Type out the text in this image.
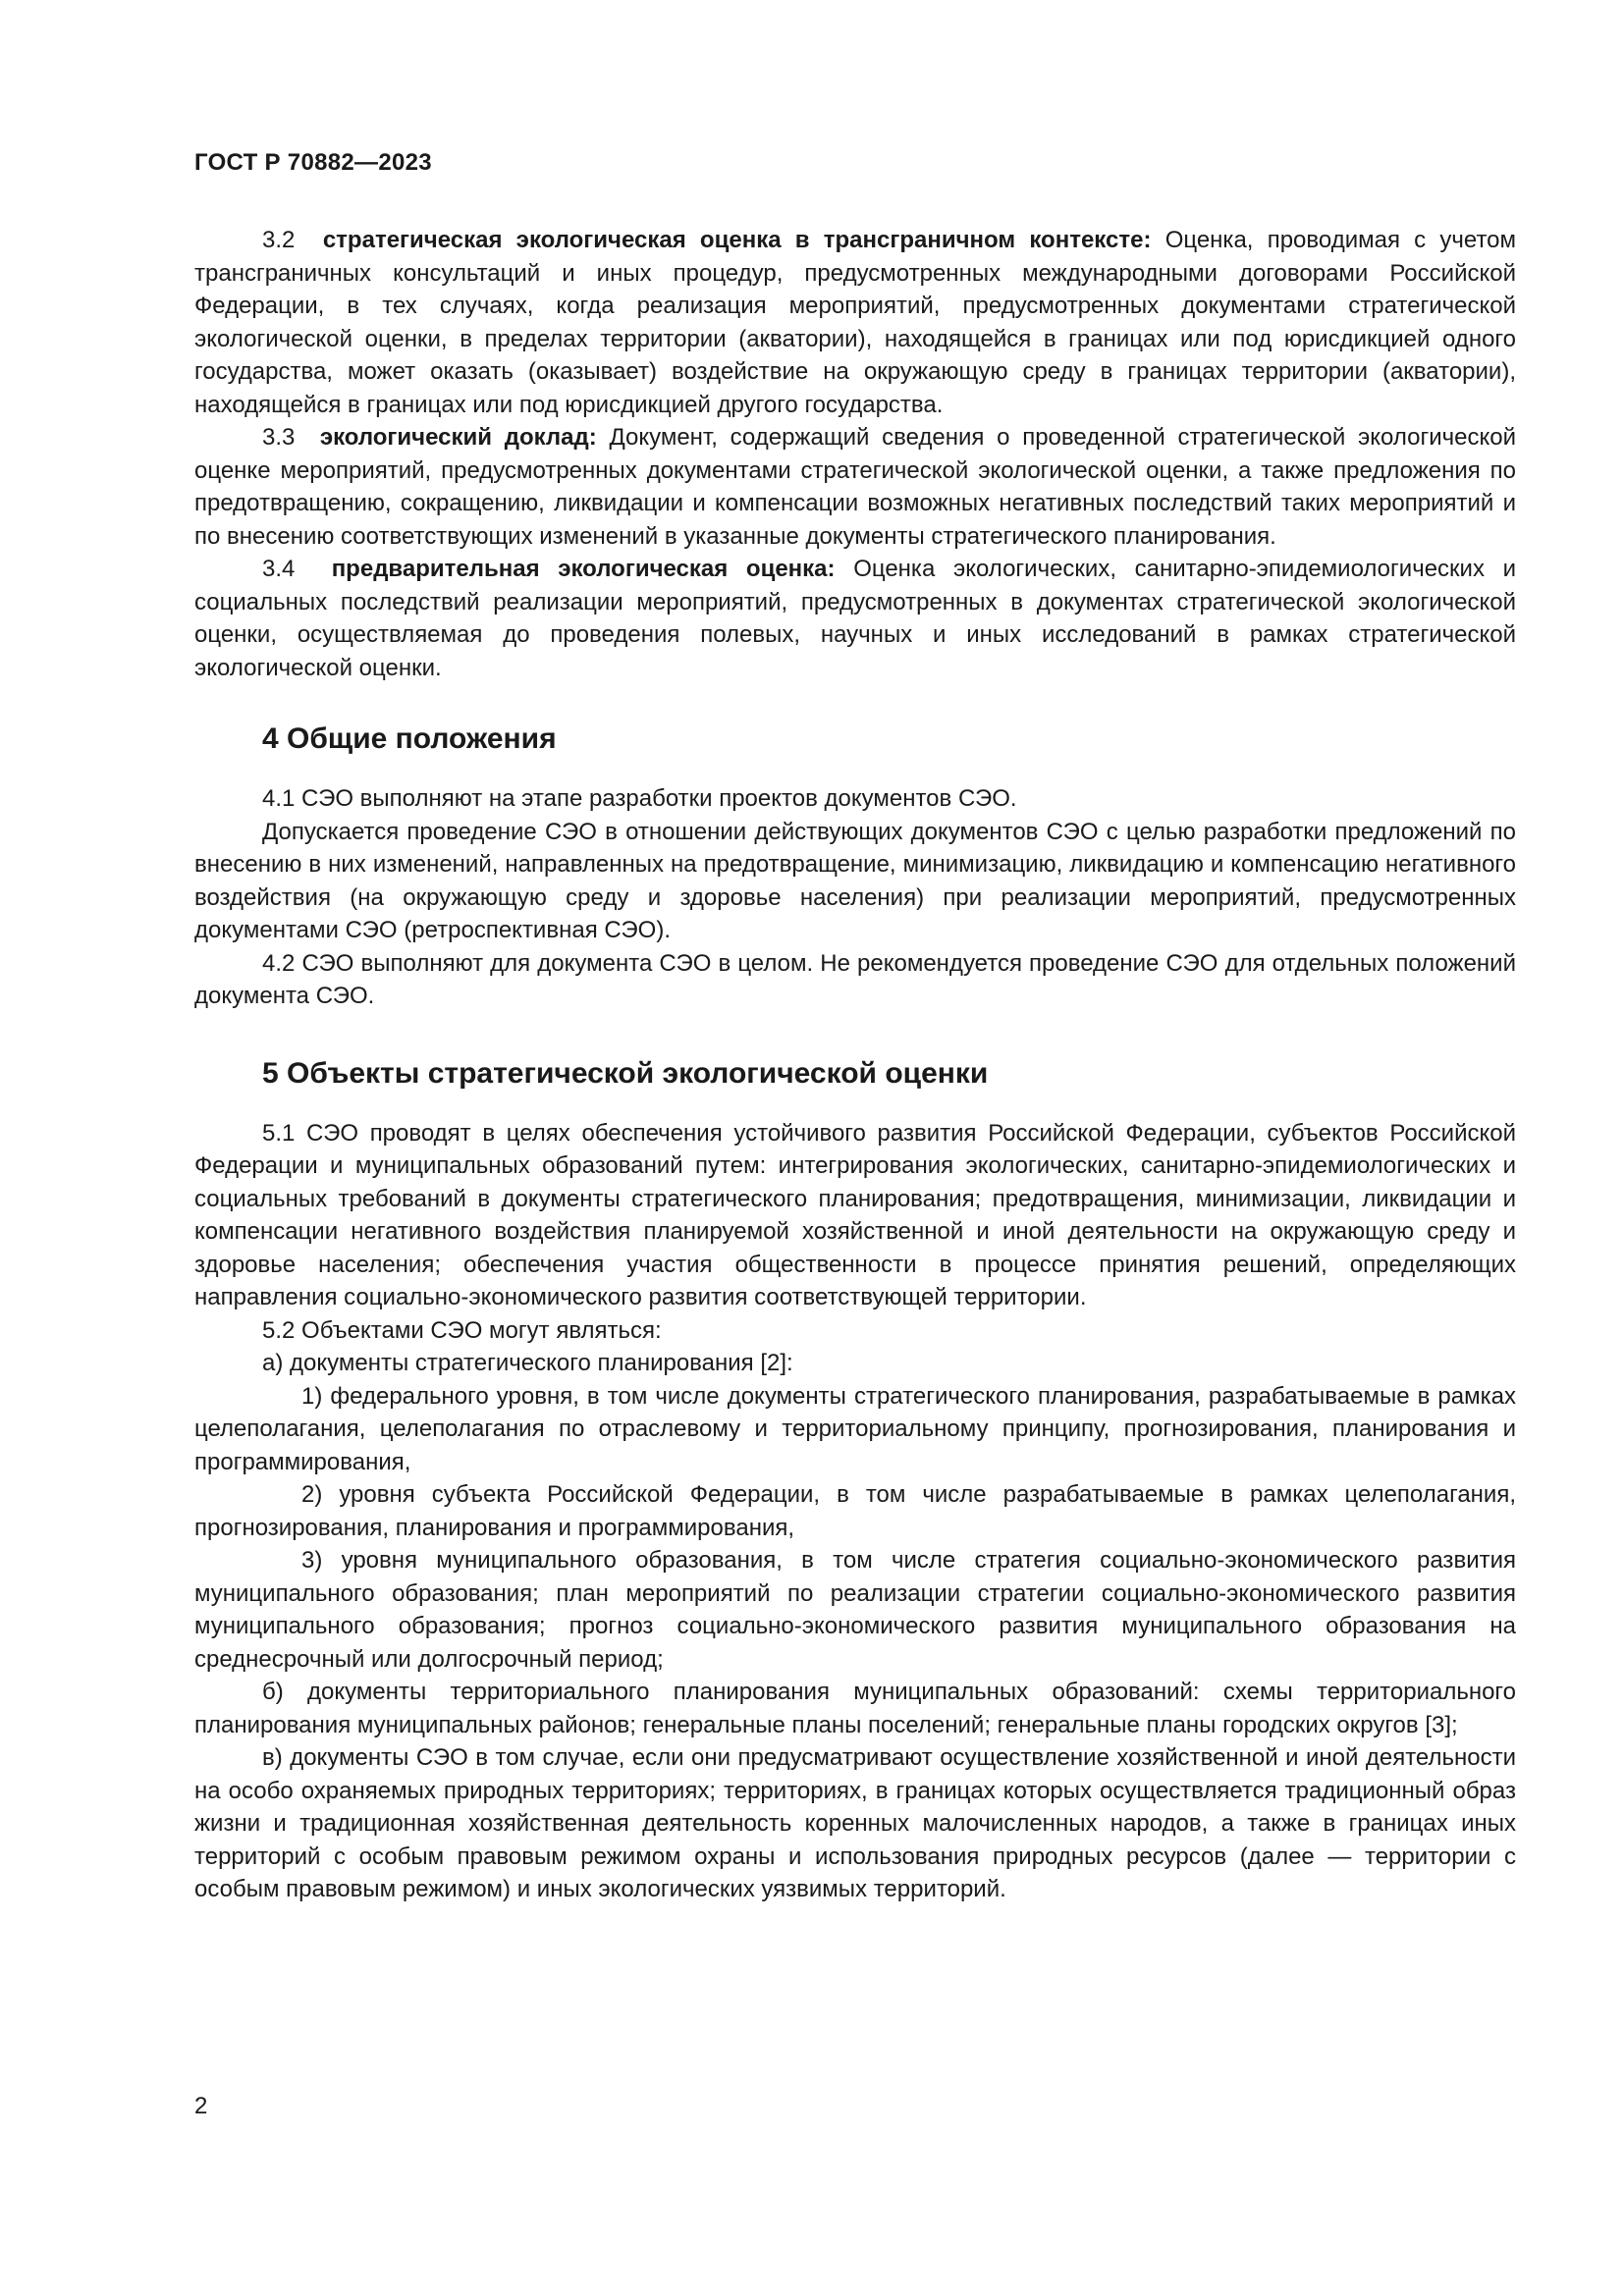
ГОСТ Р 70882—2023

3.2 стратегическая экологическая оценка в трансграничном контексте: Оценка, проводимая с учетом трансграничных консультаций и иных процедур, предусмотренных международными договорами Российской Федерации, в тех случаях, когда реализация мероприятий, предусмотренных документами стратегической экологической оценки, в пределах территории (акватории), находящейся в границах или под юрисдикцией одного государства, может оказать (оказывает) воздействие на окружающую среду в границах территории (акватории), находящейся в границах или под юрисдикцией другого государства.

3.3 экологический доклад: Документ, содержащий сведения о проведенной стратегической экологической оценке мероприятий, предусмотренных документами стратегической экологической оценки, а также предложения по предотвращению, сокращению, ликвидации и компенсации возможных негативных последствий таких мероприятий и по внесению соответствующих изменений в указанные документы стратегического планирования.

3.4 предварительная экологическая оценка: Оценка экологических, санитарно-эпидемиологических и социальных последствий реализации мероприятий, предусмотренных в документах стратегической экологической оценки, осуществляемая до проведения полевых, научных и иных исследований в рамках стратегической экологической оценки.

4 Общие положения

4.1 СЭО выполняют на этапе разработки проектов документов СЭО.

Допускается проведение СЭО в отношении действующих документов СЭО с целью разработки предложений по внесению в них изменений, направленных на предотвращение, минимизацию, ликвидацию и компенсацию негативного воздействия (на окружающую среду и здоровье населения) при реализации мероприятий, предусмотренных документами СЭО (ретроспективная СЭО).

4.2 СЭО выполняют для документа СЭО в целом. Не рекомендуется проведение СЭО для отдельных положений документа СЭО.

5 Объекты стратегической экологической оценки

5.1 СЭО проводят в целях обеспечения устойчивого развития Российской Федерации, субъектов Российской Федерации и муниципальных образований путем: интегрирования экологических, санитарно-эпидемиологических и социальных требований в документы стратегического планирования; предотвращения, минимизации, ликвидации и компенсации негативного воздействия планируемой хозяйственной и иной деятельности на окружающую среду и здоровье населения; обеспечения участия общественности в процессе принятия решений, определяющих направления социально-экономического развития соответствующей территории.

5.2 Объектами СЭО могут являться:

а) документы стратегического планирования [2]:

1) федерального уровня, в том числе документы стратегического планирования, разрабатываемые в рамках целеполагания, целеполагания по отраслевому и территориальному принципу, прогнозирования, планирования и программирования,

2) уровня субъекта Российской Федерации, в том числе разрабатываемые в рамках целеполагания, прогнозирования, планирования и программирования,

3) уровня муниципального образования, в том числе стратегия социально-экономического развития муниципального образования; план мероприятий по реализации стратегии социально-экономического развития муниципального образования; прогноз социально-экономического развития муниципального образования на среднесрочный или долгосрочный период;

б) документы территориального планирования муниципальных образований: схемы территориального планирования муниципальных районов; генеральные планы поселений; генеральные планы городских округов [3];

в) документы СЭО в том случае, если они предусматривают осуществление хозяйственной и иной деятельности на особо охраняемых природных территориях; территориях, в границах которых осуществляется традиционный образ жизни и традиционная хозяйственная деятельность коренных малочисленных народов, а также в границах иных территорий с особым правовым режимом охраны и использования природных ресурсов (далее — территории с особым правовым режимом) и иных экологических уязвимых территорий.

2
